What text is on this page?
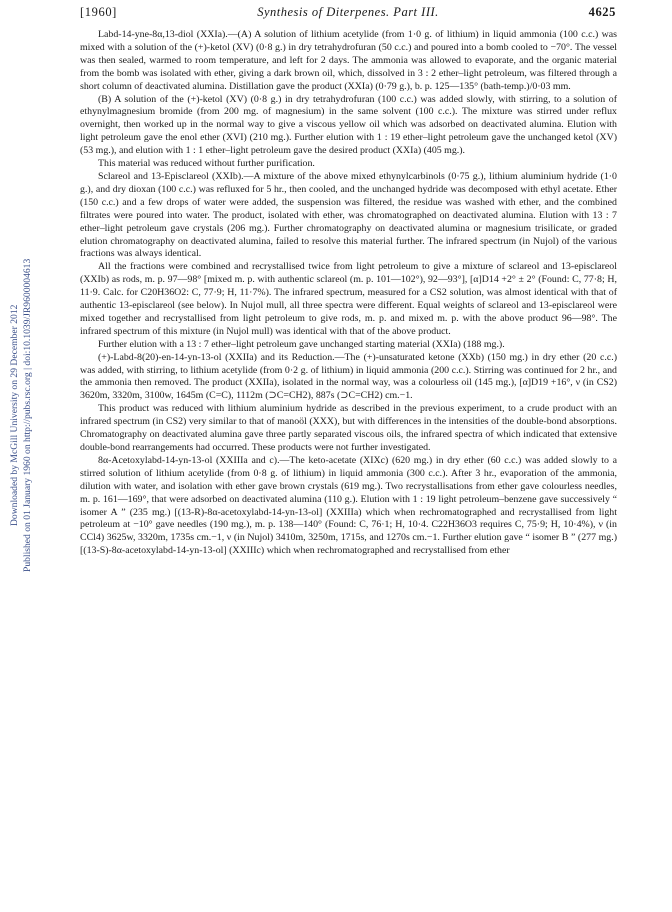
[1960]	Synthesis of Diterpenes. Part III.	4625
Downloaded by McGill University on 29 December 2012 Published on 01 January 1960 on http://pubs.rsc.org | doi:10.1039/JR9600004613

Labd-14-yne-8α,13-diol (XXIa).—(A) A solution of lithium acetylide (from 1·0 g. of lithium) in liquid ammonia (100 c.c.) was mixed with a solution of the (+)-ketol (XV) (0·8 g.) in dry tetrahydrofuran (50 c.c.) and poured into a bomb cooled to −70°. The vessel was then sealed, warmed to room temperature, and left for 2 days. The ammonia was allowed to evaporate, and the organic material from the bomb was isolated with ether, giving a dark brown oil, which, dissolved in 3 : 2 ether–light petroleum, was filtered through a short column of deactivated alumina. Distillation gave the product (XXIa) (0·79 g.), b. p. 125—135° (bath-temp.)/0·03 mm.

(B) A solution of the (+)-ketol (XV) (0·8 g.) in dry tetrahydrofuran (100 c.c.) was added slowly, with stirring, to a solution of ethynylmagnesium bromide (from 200 mg. of magnesium) in the same solvent (100 c.c.). The mixture was stirred under reflux overnight, then worked up in the normal way to give a viscous yellow oil which was adsorbed on deactivated alumina. Elution with light petroleum gave the enol ether (XVI) (210 mg.). Further elution with 1 : 19 ether–light petroleum gave the unchanged ketol (XV) (53 mg.), and elution with 1 : 1 ether–light petroleum gave the desired product (XXIa) (405 mg.).

This material was reduced without further purification.

Sclareol and 13-Episclareol (XXIb).—A mixture of the above mixed ethynylcarbinols (0·75 g.), lithium aluminium hydride (1·0 g.), and dry dioxan (100 c.c.) was refluxed for 5 hr., then cooled, and the unchanged hydride was decomposed with ethyl acetate. Ether (150 c.c.) and a few drops of water were added, the suspension was filtered, the residue was washed with ether, and the combined filtrates were poured into water. The product, isolated with ether, was chromatographed on deactivated alumina. Elution with 13 : 7 ether–light petroleum gave crystals (206 mg.). Further chromatography on deactivated alumina or magnesium trisilicate, or graded elution chromatography on deactivated alumina, failed to resolve this material further. The infrared spectrum (in Nujol) of the various fractions was always identical.

All the fractions were combined and recrystallised twice from light petroleum to give a mixture of sclareol and 13-episclareol (XXIb) as rods, m. p. 97—98° [mixed m. p. with authentic sclareol (m. p. 101—102°), 92—93°], [α]D14 +2° ± 2° (Found: C, 77·8; H, 11·9. Calc. for C20H36O2: C, 77·9; H, 11·7%). The infrared spectrum, measured for a CS2 solution, was almost identical with that of authentic 13-episclareol (see below). In Nujol mull, all three spectra were different. Equal weights of sclareol and 13-episclareol were mixed together and recrystallised from light petroleum to give rods, m. p. and mixed m. p. with the above product 96—98°. The infrared spectrum of this mixture (in Nujol mull) was identical with that of the above product.

Further elution with a 13 : 7 ether–light petroleum gave unchanged starting material (XXIa) (188 mg.).

(+)-Labd-8(20)-en-14-yn-13-ol (XXIIa) and its Reduction.—The (+)-unsaturated ketone (XXb) (150 mg.) in dry ether (20 c.c.) was added, with stirring, to lithium acetylide (from 0·2 g. of lithium) in liquid ammonia (200 c.c.). Stirring was continued for 2 hr., and the ammonia then removed. The product (XXIIa), isolated in the normal way, was a colourless oil (145 mg.), [α]D19 +16°, ν (in CS2) 3620m, 3320m, 3100w, 1645m (C=C), 1112m (⊃C=CH2), 887s (⊃C=CH2) cm.−1.

This product was reduced with lithium aluminium hydride as described in the previous experiment, to a crude product with an infrared spectrum (in CS2) very similar to that of manoöl (XXX), but with differences in the intensities of the double-bond absorptions. Chromatography on deactivated alumina gave three partly separated viscous oils, the infrared spectra of which indicated that extensive double-bond rearrangements had occurred. These products were not further investigated.

8α-Acetoxylabd-14-yn-13-ol (XXIIIa and c).—The keto-acetate (XIXc) (620 mg.) in dry ether (60 c.c.) was added slowly to a stirred solution of lithium acetylide (from 0·8 g. of lithium) in liquid ammonia (300 c.c.). After 3 hr., evaporation of the ammonia, dilution with water, and isolation with ether gave brown crystals (619 mg.). Two recrystallisations from ether gave colourless needles, m. p. 161—169°, that were adsorbed on deactivated alumina (110 g.). Elution with 1 : 19 light petroleum–benzene gave successively “ isomer A ” (235 mg.) [(13-R)-8α-acetoxylabd-14-yn-13-ol] (XXIIIa) which when rechromatographed and recrystallised from light petroleum at −10° gave needles (190 mg.), m. p. 138—140° (Found: C, 76·1; H, 10·4. C22H36O3 requires C, 75·9; H, 10·4%), ν (in CCl4) 3625w, 3320m, 1735s cm.−1, ν (in Nujol) 3410m, 3250m, 1715s, and 1270s cm.−1. Further elution gave “ isomer B ” (277 mg.) [(13-S)-8α-acetoxylabd-14-yn-13-ol] (XXIIIc) which when rechromatographed and recrystallised from ether
